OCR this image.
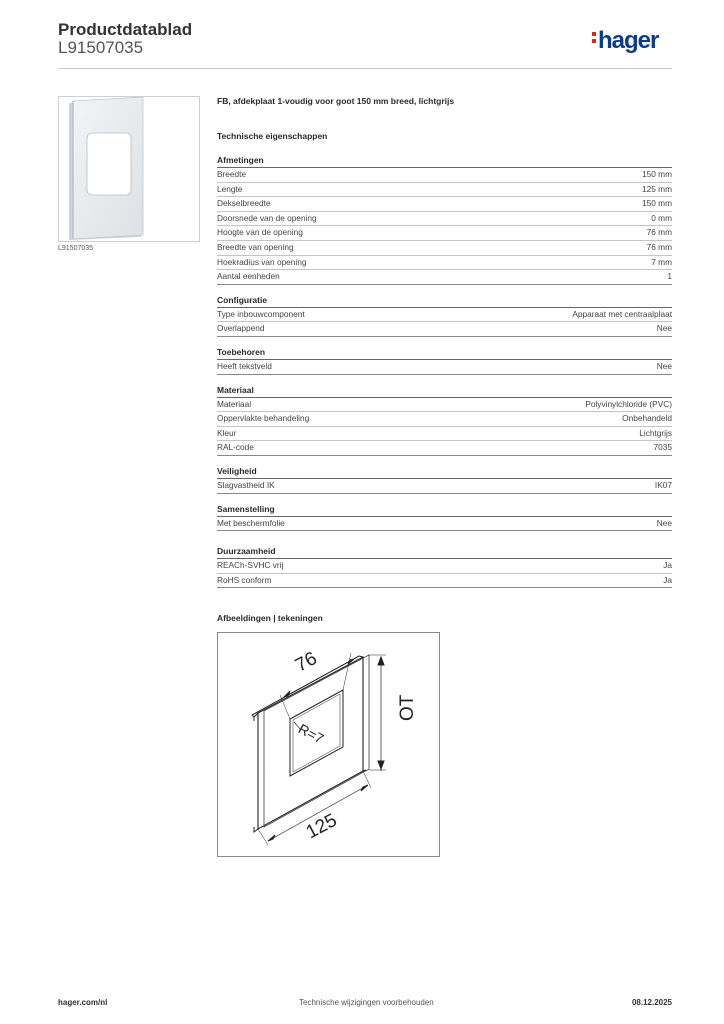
Productdatablad
L91507035	hager
L91507035
FB, afdekplaat 1-voudig voor goot 150 mm breed, lichtgrijs
Technische eigenschappen
Afmetingen
Breedte	150 mm
Lengte	125 mm
Dekselbreedte	150 mm
Doorsnede van de opening	0 mm
Hoogte van de opening	76 mm
Breedte van opening	76 mm
Hoekradius van opening	7 mm
Aantal eenheden	1
Configuratie
Type inbouwcomponent	Apparaat met centraalplaat
Overlappend	Nee
Toebehoren
Heeft tekstveld	Nee
Materiaal
Materiaal	Polyvinylchloride (PVC)
Oppervlakte behandeling	Onbehandeld
Kleur	Lichtgrijs
RAL-code	7035
Veiligheid
Slagvastheid IK	IK07
Samenstelling
Met beschermfolie	Nee
Duurzaamheid
REACh-SVHC vrij	Ja
RoHS conform	Ja
Afbeeldingen | tekeningen
76
OT
125
R=7
hager.com/nl	Technische wijzigingen voorbehouden	08.12.2025
